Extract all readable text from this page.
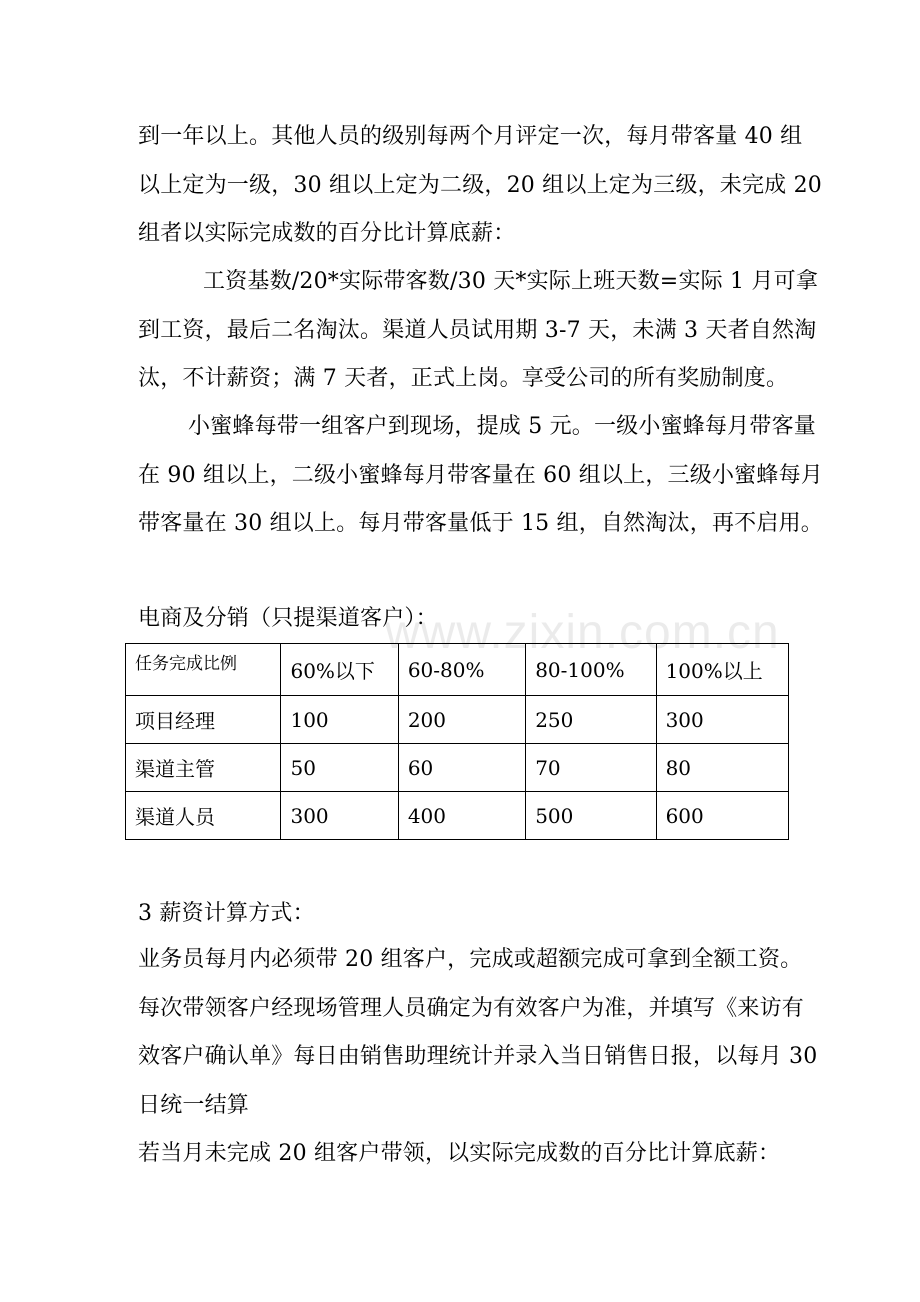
到一年以上。其他人员的级别每两个月评定一次，每月带客量 40 组
以上定为一级，30 组以上定为二级，20 组以上定为三级，未完成 20
组者以实际完成数的百分比计算底薪：
工资基数/20*实际带客数/30 天*实际上班天数=实际 1 月可拿
到工资，最后二名淘汰。渠道人员试用期 3-7 天，未满 3 天者自然淘
汰，不计薪资；满 7 天者，正式上岗。享受公司的所有奖励制度。
小蜜蜂每带一组客户到现场，提成 5 元。一级小蜜蜂每月带客量
在 90 组以上，二级小蜜蜂每月带客量在 60 组以上，三级小蜜蜂每月
带客量在 30 组以上。每月带客量低于 15 组，自然淘汰，再不启用。
电商及分销（只提渠道客户）：
www.zixin.com.cn
任务完成比例	60%以下	60-80%	80-100%	100%以上
项目经理	100	200	250	300
渠道主管	50	60	70	80
渠道人员	300	400	500	600
3 薪资计算方式：
业务员每月内必须带 20 组客户，完成或超额完成可拿到全额工资。
每次带领客户经现场管理人员确定为有效客户为准，并填写《来访有
效客户确认单》每日由销售助理统计并录入当日销售日报，以每月 30
日统一结算
若当月未完成 20 组客户带领，以实际完成数的百分比计算底薪：
